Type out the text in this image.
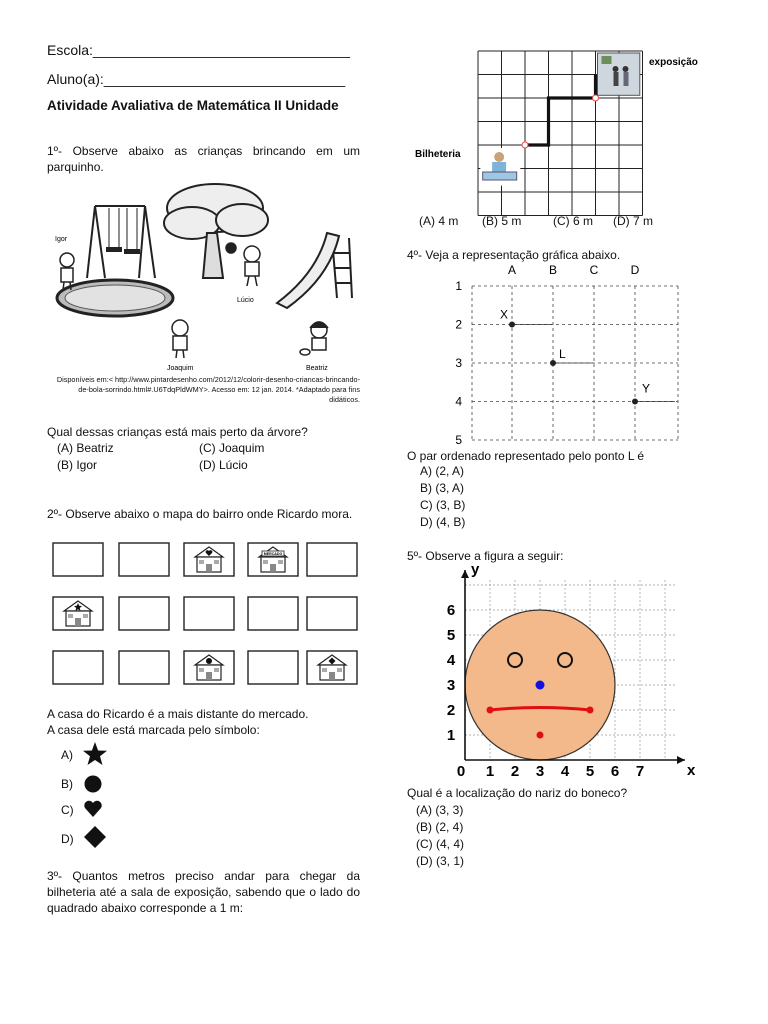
Escola:_________________________________
Aluno(a):_______________________________
Atividade Avaliativa de Matemática II Unidade
1º- Observe abaixo as crianças brincando em um parquinho.
Igor
Lúcio
Joaquim	Beatriz
Disponíveis em:< http://www.pintardesenho.com/2012/12/colorir-desenho-criancas-brincando-de-bola-sorrindo.html#.U6TdqPldWMY>. Acesso em: 12 jan. 2014. *Adaptado para fins didáticos.
Qual dessas crianças está mais perto da árvore?
(A) Beatriz	(C) Joaquim
(B) Igor	(D) Lúcio
2º- Observe abaixo o mapa do bairro onde Ricardo mora.
MERCADO
A casa do Ricardo é a mais distante do mercado.
A casa dele está marcada pelo símbolo:
A)
B)
C)
D)
3º- Quantos metros preciso andar para chegar da bilheteria até a sala de exposição, sabendo que o lado do quadrado abaixo corresponde a 1 m:
exposição
Bilheteria
(A) 4 m (B) 5 m	(C) 6 m (D) 7 m
4º- Veja a representação gráfica abaixo.
A	B	C	D
1
2
3
4
5
X
L
Y
O par ordenado representado pelo ponto L é
A) (2, A)
B) (3, A)
C) (3, B)
D) (4, B)
5º- Observe a figura a seguir:
x
y
0 1 2 3 4 5 6 7
1
2
3
4
5
6
Qual é a localização do nariz do boneco?
(A) (3, 3)
(B) (2, 4)
(C) (4, 4)
(D) (3, 1)
